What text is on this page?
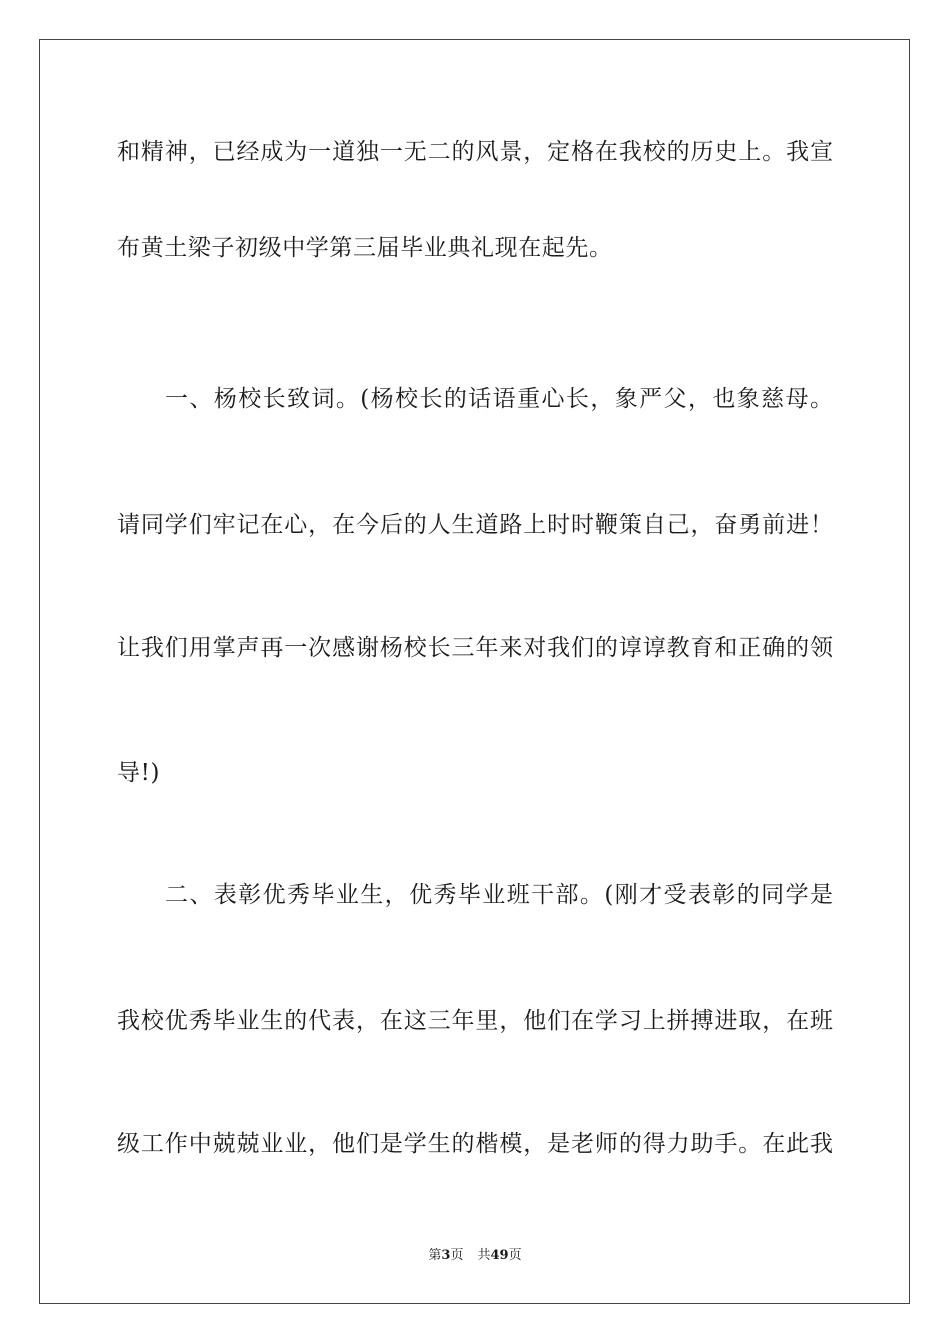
和精神，已经成为一道独一无二的风景，定格在我校的历史上。我宣
布黄土梁子初级中学第三届毕业典礼现在起先。
一、杨校长致词。(杨校长的话语重心长，象严父，也象慈母。
请同学们牢记在心，在今后的人生道路上时时鞭策自己，奋勇前进！
让我们用掌声再一次感谢杨校长三年来对我们的谆谆教育和正确的领
导!)
二、表彰优秀毕业生，优秀毕业班干部。(刚才受表彰的同学是
我校优秀毕业生的代表，在这三年里，他们在学习上拼搏进取，在班
级工作中兢兢业业，他们是学生的楷模，是老师的得力助手。在此我
第3页 共49页
